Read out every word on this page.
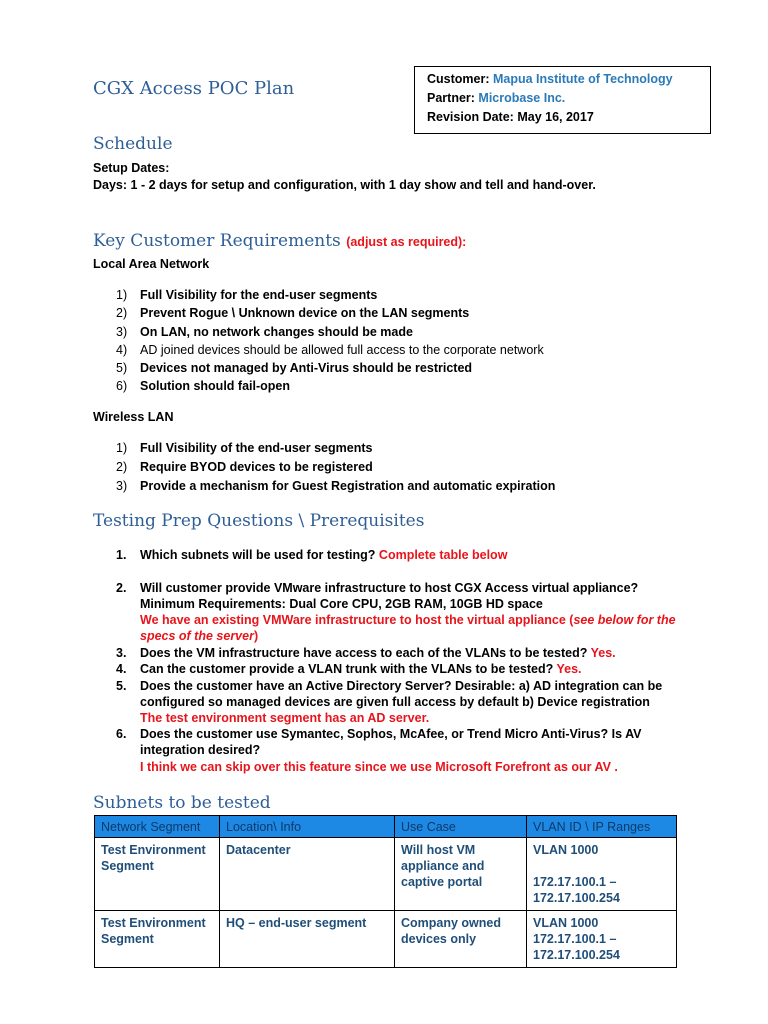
CGX Access POC Plan	Customer: Mapua Institute of Technology
Partner: Microbase Inc.
Revision Date: May 16, 2017
Schedule
Setup Dates:
Days: 1 - 2 days for setup and configuration, with 1 day show and tell and hand-over.
Key Customer Requirements (adjust as required):
Local Area Network
1) Full Visibility for the end-user segments
2) Prevent Rogue \ Unknown device on the LAN segments
3) On LAN, no network changes should be made
4) AD joined devices should be allowed full access to the corporate network
5) Devices not managed by Anti-Virus should be restricted
6) Solution should fail-open
Wireless LAN
1) Full Visibility of the end-user segments
2) Require BYOD devices to be registered
3) Provide a mechanism for Guest Registration and automatic expiration
Testing Prep Questions \ Prerequisites
1. Which subnets will be used for testing? Complete table below
2. Will customer provide VMware infrastructure to host CGX Access virtual appliance?
Minimum Requirements: Dual Core CPU, 2GB RAM, 10GB HD space
We have an existing VMWare infrastructure to host the virtual appliance (see below for the
specs of the server)
3. Does the VM infrastructure have access to each of the VLANs to be tested? Yes.
4. Can the customer provide a VLAN trunk with the VLANs to be tested? Yes.
5. Does the customer have an Active Directory Server? Desirable: a) AD integration can be
configured so managed devices are given full access by default b) Device registration
The test environment segment has an AD server.
6. Does the customer use Symantec, Sophos, McAfee, or Trend Micro Anti-Virus? Is AV
integration desired?
I think we can skip over this feature since we use Microsoft Forefront as our AV .
Subnets to be tested
Network Segment	Location\ Info	Use Case	VLAN ID \ IP Ranges

Test Environment
Segment	Datacenter	Will host VM
appliance and
captive portal	VLAN 1000
172.17.100.1 –
172.17.100.254

Test Environment
Segment	HQ – end-user segment	Company owned
devices only	VLAN 1000
172.17.100.1 –
172.17.100.254
